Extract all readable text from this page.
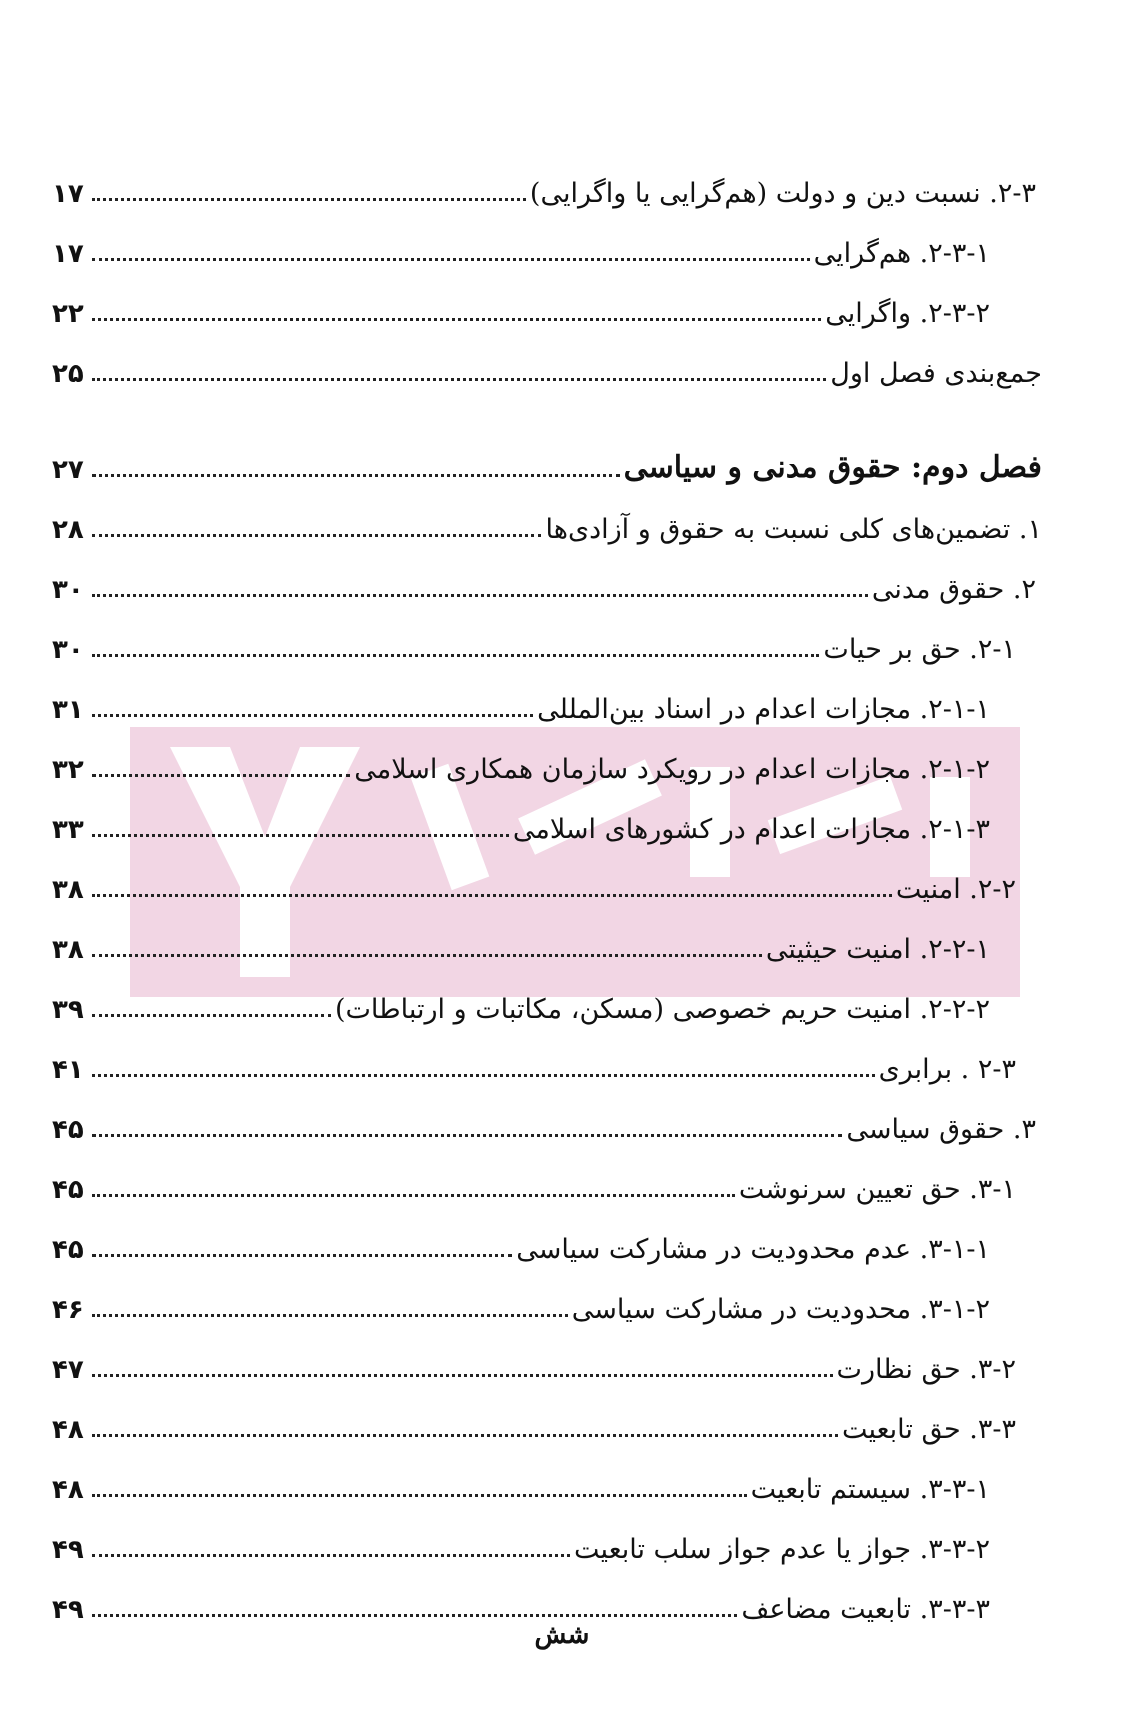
۲-۳. نسبت دین و دولت (هم‌گرایی یا واگرایی)
۱۷
۲-۳-۱. هم‌گرایی
۱۷
۲-۳-۲. واگرایی
۲۲
جمع‌بندی فصل اول
۲۵
فصل دوم: حقوق مدنی و سیاسی
۲۷
۱. تضمین‌های کلی نسبت به حقوق و آزادی‌ها
۲۸
۲. حقوق مدنی
۳۰
۲-۱. حق بر حیات
۳۰
۲-۱-۱. مجازات اعدام در اسناد بین‌المللی
۳۱
۲-۱-۲. مجازات اعدام در رویکرد سازمان همکاری اسلامی
۳۲
۲-۱-۳. مجازات اعدام در کشورهای اسلامی
۳۳
۲-۲. امنیت
۳۸
۲-۲-۱. امنیت حیثیتی
۳۸
۲-۲-۲. امنیت حریم خصوصی (مسکن، مکاتبات و ارتباطات)
۳۹
۲-۳ . برابری
۴۱
۳. حقوق سیاسی
۴۵
۳-۱. حق تعیین سرنوشت
۴۵
۳-۱-۱. عدم محدودیت در مشارکت سیاسی
۴۵
۳-۱-۲. محدودیت در مشارکت سیاسی
۴۶
۳-۲. حق نظارت
۴۷
۳-۳. حق تابعیت
۴۸
۳-۳-۱. سیستم تابعیت
۴۸
۳-۳-۲. جواز یا عدم جواز سلب تابعیت
۴۹
۳-۳-۳. تابعیت مضاعف
۴۹
شش
